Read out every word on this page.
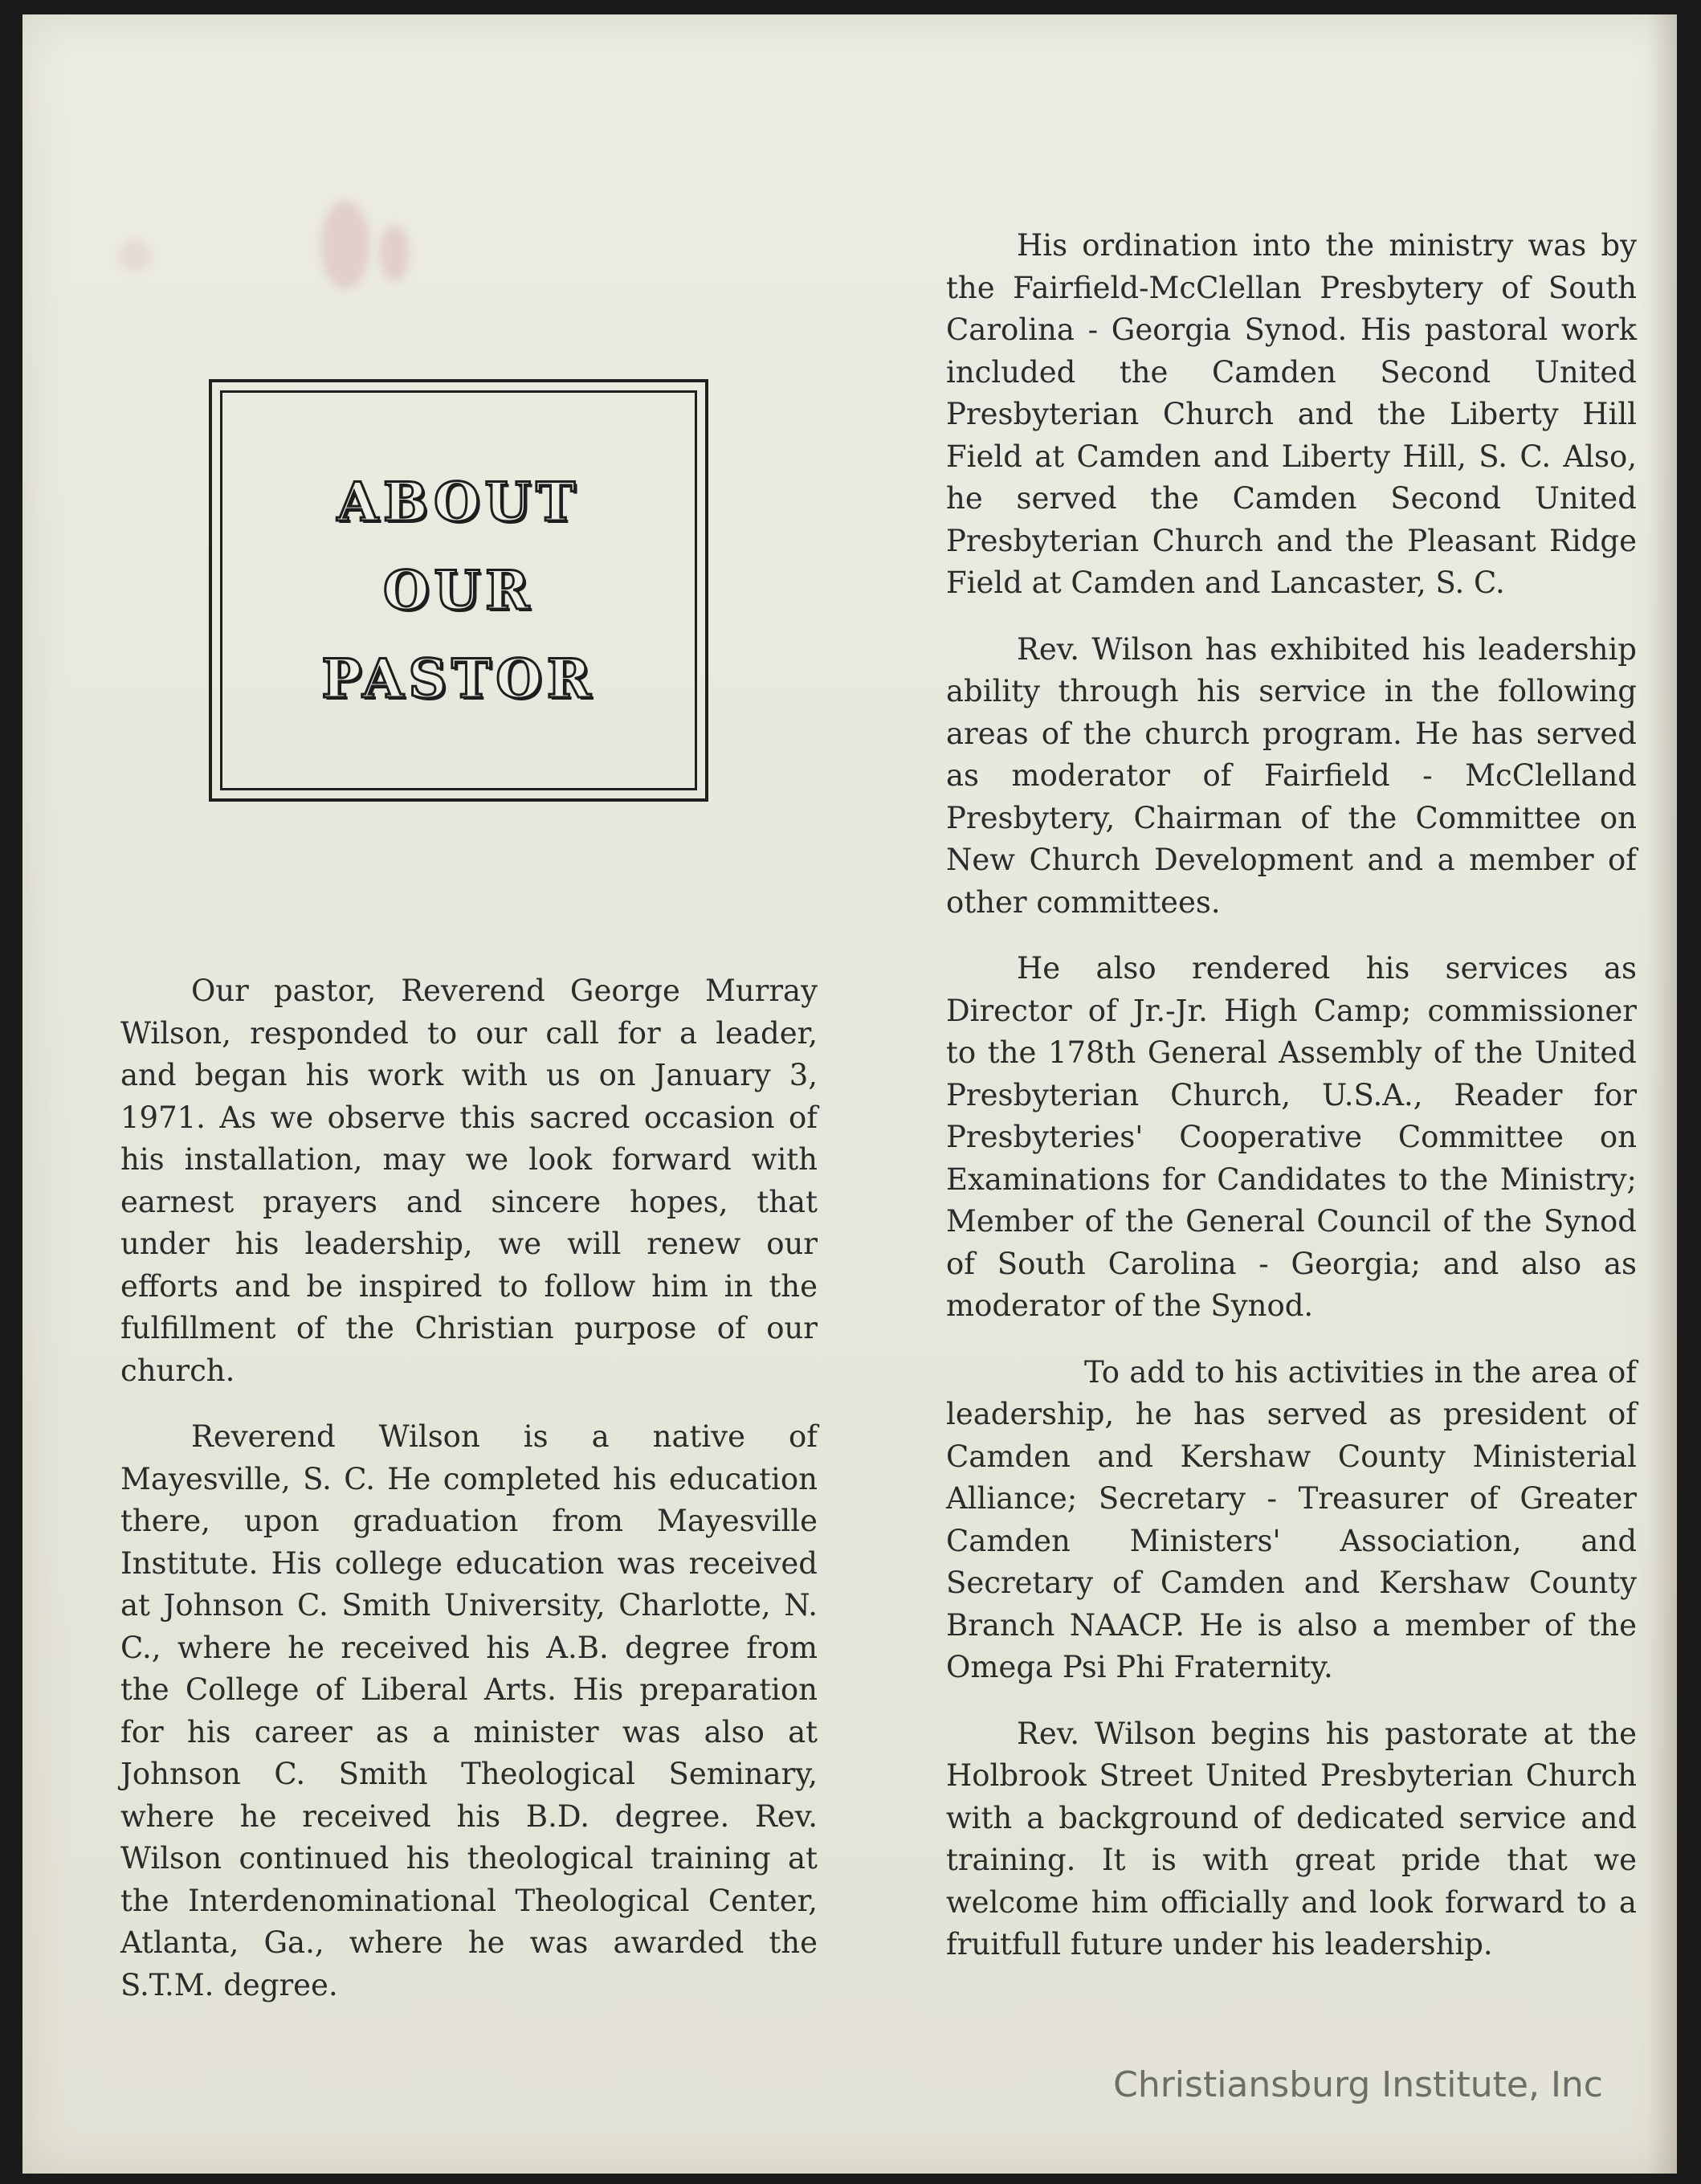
ABOUT
OUR
PASTOR

Our pastor, Reverend George Murray Wilson, responded to our call for a leader, and began his work with us on January 3, 1971. As we observe this sacred occasion of his installation, may we look forward with earnest prayers and sincere hopes, that under his leadership, we will renew our efforts and be inspired to follow him in the fulfillment of the Christian purpose of our church.

Reverend Wilson is a native of Mayesville, S. C. He completed his education there, upon graduation from Mayesville Institute. His college education was received at Johnson C. Smith University, Charlotte, N. C., where he received his A.B. degree from the College of Liberal Arts. His preparation for his career as a minister was also at Johnson C. Smith Theological Seminary, where he received his B.D. degree. Rev. Wilson continued his theological training at the Interdenominational Theological Center, Atlanta, Ga., where he was awarded the S.T.M. degree.

His ordination into the ministry was by the Fairfield-McClellan Presbytery of South Carolina - Georgia Synod. His pastoral work included the Camden Second United Presbyterian Church and the Liberty Hill Field at Camden and Liberty Hill, S. C. Also, he served the Camden Second United Presbyterian Church and the Pleasant Ridge Field at Camden and Lancaster, S. C.

Rev. Wilson has exhibited his leadership ability through his service in the following areas of the church program. He has served as moderator of Fairfield - McClelland Presbytery, Chairman of the Committee on New Church Development and a member of other committees.

He also rendered his services as Director of Jr.-Jr. High Camp; commissioner to the 178th General Assembly of the United Presbyterian Church, U.S.A., Reader for Presbyteries' Cooperative Committee on Examinations for Candidates to the Ministry; Member of the General Council of the Synod of South Carolina - Georgia; and also as moderator of the Synod.

To add to his activities in the area of leadership, he has served as president of Camden and Kershaw County Ministerial Alliance; Secretary - Treasurer of Greater Camden Ministers' Association, and Secretary of Camden and Kershaw County Branch NAACP. He is also a member of the Omega Psi Phi Fraternity.

Rev. Wilson begins his pastorate at the Holbrook Street United Presbyterian Church with a background of dedicated service and training. It is with great pride that we welcome him officially and look forward to a fruitfull future under his leadership.

Christiansburg Institute, Inc
